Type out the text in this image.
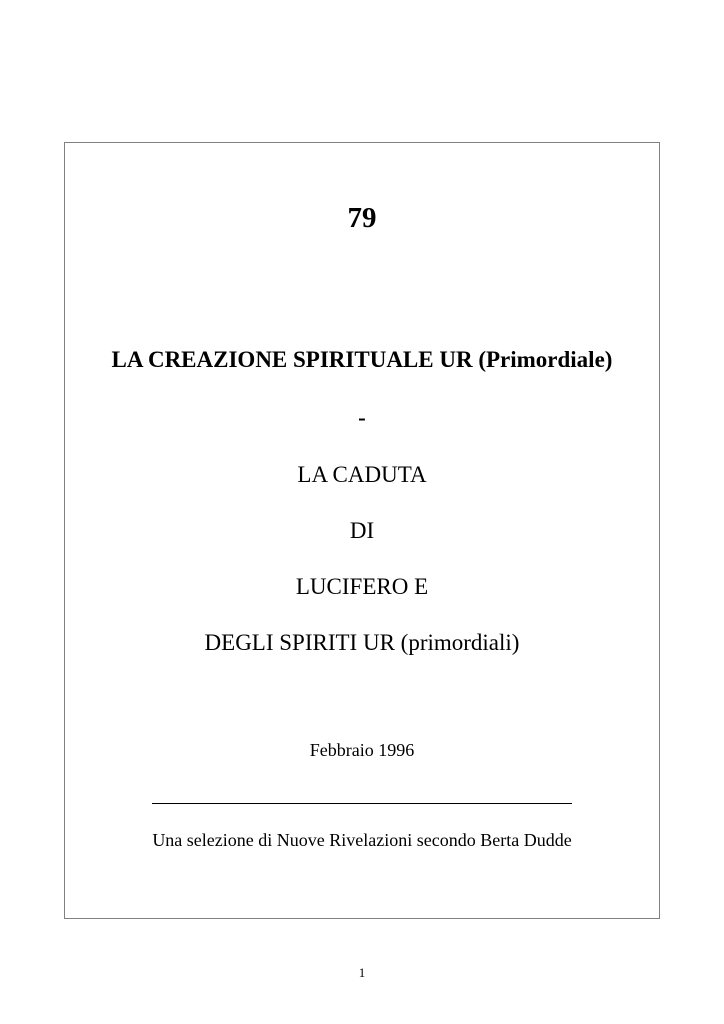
79
LA CREAZIONE SPIRITUALE UR (Primordiale)
-
LA CADUTA
DI
LUCIFERO E
DEGLI SPIRITI UR (primordiali)
Febbraio 1996
Una selezione di Nuove Rivelazioni secondo Berta Dudde
1
